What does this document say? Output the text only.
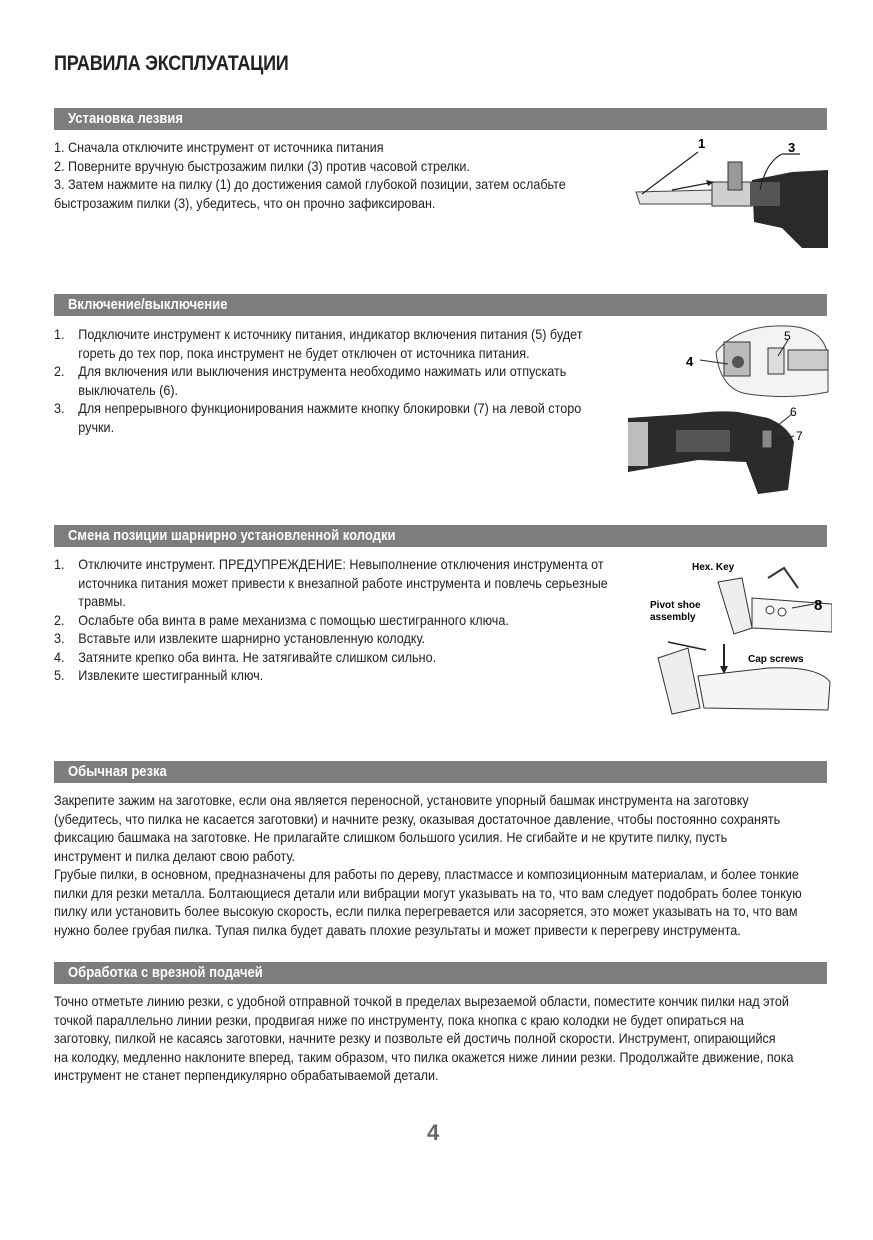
ПРАВИЛА ЭКСПЛУАТАЦИИ
Установка лезвия
1. Сначала отключите инструмент от источника питания
2. Поверните вручную быстрозажим пилки (3) против часовой стрелки.
3. Затем нажмите на пилку (1) до достижения самой глубокой позиции, затем ослабьте
быстрозажим пилки (3), убедитесь, что он прочно зафиксирован.
1	3
Включение/выключение
1. Подключите инструмент к источнику питания, индикатор включения питания (5) будет
гореть до тех пор, пока инструмент не будет отключен от источника питания.
2. Для включения или выключения инструмента необходимо нажимать или отпускать
выключатель (6).
3. Для непрерывного функционирования нажмите кнопку блокировки (7) на левой сторо
ручки.
4
5
6
7
Смена позиции шарнирно установленной колодки
1. Отключите инструмент. ПРЕДУПРЕЖДЕНИЕ: Невыполнение отключения инструмента от
источника питания может привести к внезапной работе инструмента и повлечь серьезные
травмы.
2. Ослабьте оба винта в раме механизма с помощью шестигранного ключа.
3. Вставьте или извлеките шарнирно установленную колодку.
4. Затяните крепко оба винта. Не затягивайте слишком сильно.
5. Извлеките шестигранный ключ.
Hex. Key
Pivot shoe
assembly
8
Cap screws
Обычная резка
Закрепите зажим на заготовке, если она является переносной, установите упорный башмак инструмента на заготовку
(убедитесь, что пилка не касается заготовки) и начните резку, оказывая достаточное давление, чтобы постоянно сохранять
фиксацию башмака на заготовке. Не прилагайте слишком большого усилия. Не сгибайте и не крутите пилку, пусть
инструмент и пилка делают свою работу.
Грубые пилки, в основном, предназначены для работы по дереву, пластмассе и композиционным материалам, и более тонкие
пилки для резки металла. Болтающиеся детали или вибрации могут указывать на то, что вам следует подобрать более тонкую
пилку или установить более высокую скорость, если пилка перегревается или засоряется, это может указывать на то, что вам
нужно более грубая пилка. Тупая пилка будет давать плохие результаты и может привести к перегреву инструмента.
Обработка с врезной подачей
Точно отметьте линию резки, с удобной отправной точкой в пределах вырезаемой области, поместите кончик пилки над этой
точкой параллельно линии резки, продвигая ниже по инструменту, пока кнопка с краю колодки не будет опираться на
заготовку, пилкой не касаясь заготовки, начните резку и позвольте ей достичь полной скорости. Инструмент, опирающийся
на колодку, медленно наклоните вперед, таким образом, что пилка окажется ниже линии резки. Продолжайте движение, пока
инструмент не станет перпендикулярно обрабатываемой детали.
4
